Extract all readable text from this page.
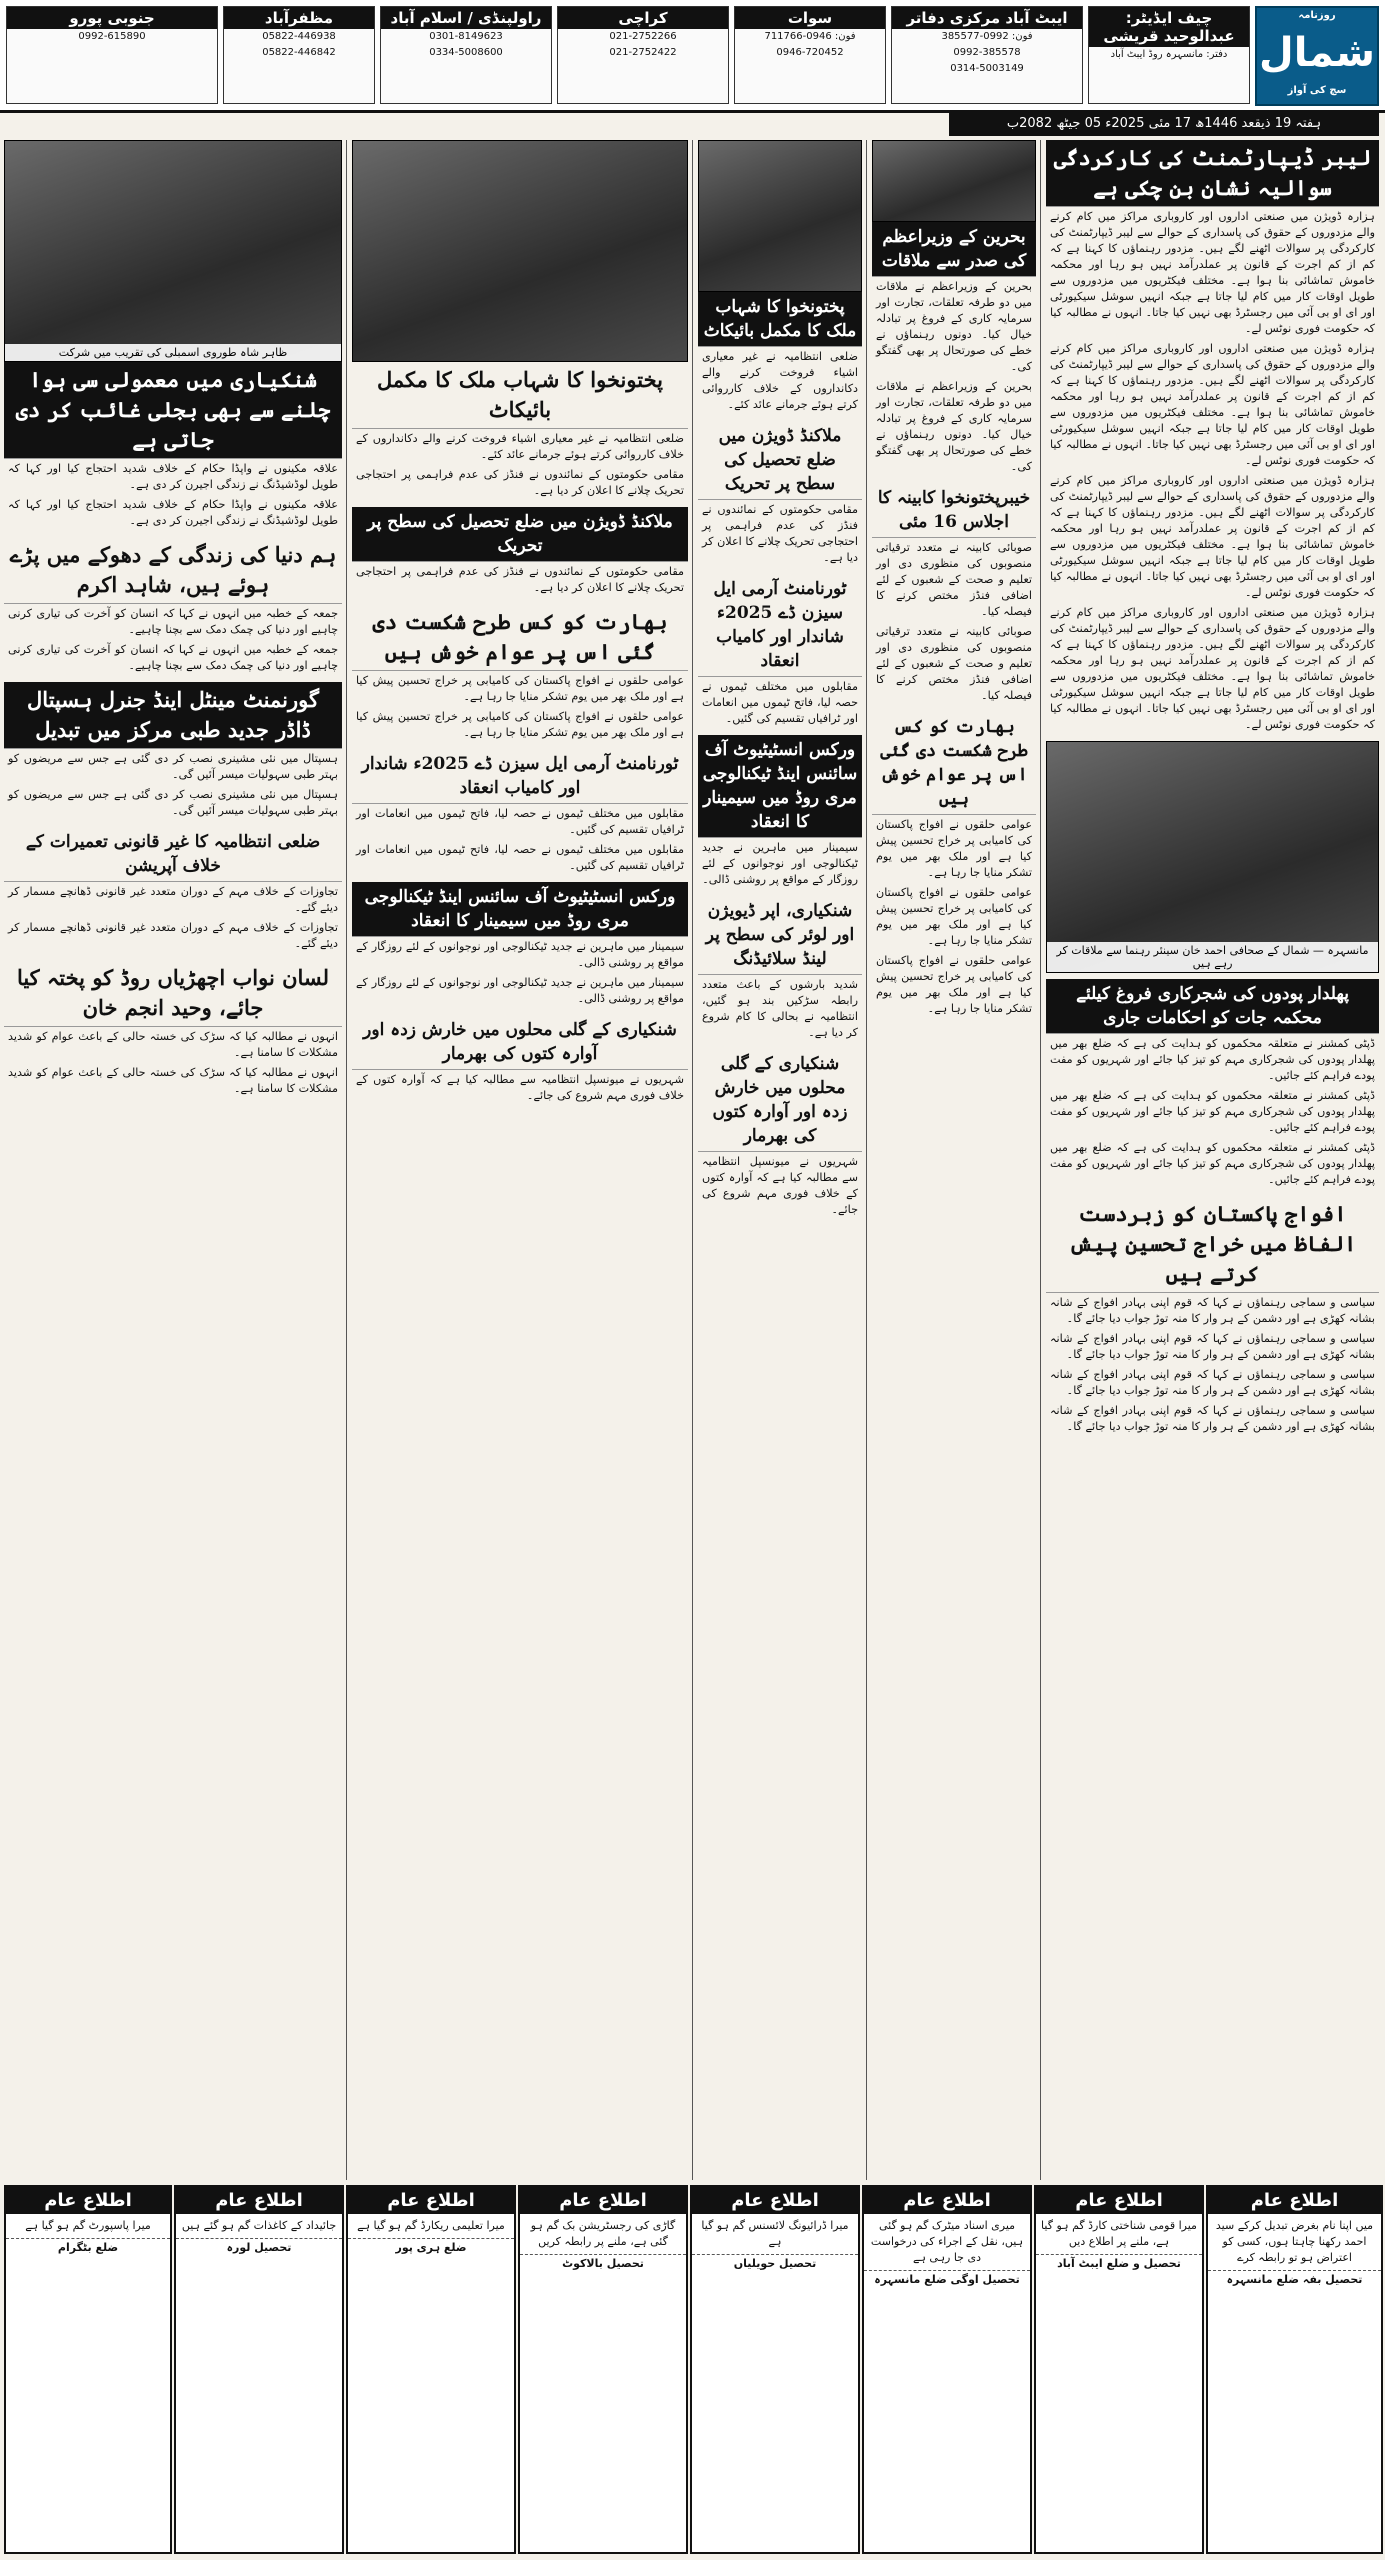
روزنامہ
شمال
سچ کی آواز
چیف ایڈیٹر: عبدالوحید قریشی
دفتر: مانسہرہ روڈ ایبٹ آباد
ایبٹ آباد مرکزی دفاتر
فون: 0992-385577
0992-385578
0314-5003149
سوات
فون: 0946-711766
0946-720452
کراچی
021-2752266
021-2752422
راولپنڈی / اسلام آباد
0301-8149623
0334-5008600
مظفرآباد
05822-446938
05822-446842
جنوبی پورو
0992-615890
ہفتہ 19 ذیقعد 1446ھ 17 مئی 2025ء 05 جیٹھ 2082ب
لیبر ڈیپارٹمنٹ کی کارکردگی سوالیہ نشان بن چکی ہے
ہزارہ ڈویژن میں صنعتی اداروں اور کاروباری مراکز میں کام کرنے والے مزدوروں کے حقوق کی پاسداری کے حوالے سے لیبر ڈیپارٹمنٹ کی کارکردگی پر سوالات اٹھنے لگے ہیں۔ مزدور رہنماؤں کا کہنا ہے کہ کم از کم اجرت کے قانون پر عملدرآمد نہیں ہو رہا اور محکمہ خاموش تماشائی بنا ہوا ہے۔ مختلف فیکٹریوں میں مزدوروں سے طویل اوقات کار میں کام لیا جاتا ہے جبکہ انہیں سوشل سیکیورٹی اور ای او بی آئی میں رجسٹرڈ بھی نہیں کیا جاتا۔ انہوں نے مطالبہ کیا کہ حکومت فوری نوٹس لے۔
ہزارہ ڈویژن میں صنعتی اداروں اور کاروباری مراکز میں کام کرنے والے مزدوروں کے حقوق کی پاسداری کے حوالے سے لیبر ڈیپارٹمنٹ کی کارکردگی پر سوالات اٹھنے لگے ہیں۔ مزدور رہنماؤں کا کہنا ہے کہ کم از کم اجرت کے قانون پر عملدرآمد نہیں ہو رہا اور محکمہ خاموش تماشائی بنا ہوا ہے۔ مختلف فیکٹریوں میں مزدوروں سے طویل اوقات کار میں کام لیا جاتا ہے جبکہ انہیں سوشل سیکیورٹی اور ای او بی آئی میں رجسٹرڈ بھی نہیں کیا جاتا۔ انہوں نے مطالبہ کیا کہ حکومت فوری نوٹس لے۔
ہزارہ ڈویژن میں صنعتی اداروں اور کاروباری مراکز میں کام کرنے والے مزدوروں کے حقوق کی پاسداری کے حوالے سے لیبر ڈیپارٹمنٹ کی کارکردگی پر سوالات اٹھنے لگے ہیں۔ مزدور رہنماؤں کا کہنا ہے کہ کم از کم اجرت کے قانون پر عملدرآمد نہیں ہو رہا اور محکمہ خاموش تماشائی بنا ہوا ہے۔ مختلف فیکٹریوں میں مزدوروں سے طویل اوقات کار میں کام لیا جاتا ہے جبکہ انہیں سوشل سیکیورٹی اور ای او بی آئی میں رجسٹرڈ بھی نہیں کیا جاتا۔ انہوں نے مطالبہ کیا کہ حکومت فوری نوٹس لے۔
ہزارہ ڈویژن میں صنعتی اداروں اور کاروباری مراکز میں کام کرنے والے مزدوروں کے حقوق کی پاسداری کے حوالے سے لیبر ڈیپارٹمنٹ کی کارکردگی پر سوالات اٹھنے لگے ہیں۔ مزدور رہنماؤں کا کہنا ہے کہ کم از کم اجرت کے قانون پر عملدرآمد نہیں ہو رہا اور محکمہ خاموش تماشائی بنا ہوا ہے۔ مختلف فیکٹریوں میں مزدوروں سے طویل اوقات کار میں کام لیا جاتا ہے جبکہ انہیں سوشل سیکیورٹی اور ای او بی آئی میں رجسٹرڈ بھی نہیں کیا جاتا۔ انہوں نے مطالبہ کیا کہ حکومت فوری نوٹس لے۔
مانسہرہ — شمال کے صحافی احمد خان سینئر رہنما سے ملاقات کر رہے ہیں
پھلدار پودوں کی شجرکاری فروغ کیلئے محکمہ جات کو احکامات جاری
ڈپٹی کمشنر نے متعلقہ محکموں کو ہدایت کی ہے کہ ضلع بھر میں پھلدار پودوں کی شجرکاری مہم کو تیز کیا جائے اور شہریوں کو مفت پودے فراہم کئے جائیں۔
ڈپٹی کمشنر نے متعلقہ محکموں کو ہدایت کی ہے کہ ضلع بھر میں پھلدار پودوں کی شجرکاری مہم کو تیز کیا جائے اور شہریوں کو مفت پودے فراہم کئے جائیں۔
ڈپٹی کمشنر نے متعلقہ محکموں کو ہدایت کی ہے کہ ضلع بھر میں پھلدار پودوں کی شجرکاری مہم کو تیز کیا جائے اور شہریوں کو مفت پودے فراہم کئے جائیں۔
افواج پاکستان کو زبردست الفاظ میں خراج تحسین پیش کرتے ہیں
سیاسی و سماجی رہنماؤں نے کہا کہ قوم اپنی بہادر افواج کے شانہ بشانہ کھڑی ہے اور دشمن کے ہر وار کا منہ توڑ جواب دیا جائے گا۔
سیاسی و سماجی رہنماؤں نے کہا کہ قوم اپنی بہادر افواج کے شانہ بشانہ کھڑی ہے اور دشمن کے ہر وار کا منہ توڑ جواب دیا جائے گا۔
سیاسی و سماجی رہنماؤں نے کہا کہ قوم اپنی بہادر افواج کے شانہ بشانہ کھڑی ہے اور دشمن کے ہر وار کا منہ توڑ جواب دیا جائے گا۔
سیاسی و سماجی رہنماؤں نے کہا کہ قوم اپنی بہادر افواج کے شانہ بشانہ کھڑی ہے اور دشمن کے ہر وار کا منہ توڑ جواب دیا جائے گا۔
بحرین کے وزیراعظم کی صدر سے ملاقات
بحرین کے وزیراعظم نے ملاقات میں دو طرفہ تعلقات، تجارت اور سرمایہ کاری کے فروغ پر تبادلہ خیال کیا۔ دونوں رہنماؤں نے خطے کی صورتحال پر بھی گفتگو کی۔
بحرین کے وزیراعظم نے ملاقات میں دو طرفہ تعلقات، تجارت اور سرمایہ کاری کے فروغ پر تبادلہ خیال کیا۔ دونوں رہنماؤں نے خطے کی صورتحال پر بھی گفتگو کی۔
خیبرپختونخوا کابینہ کا اجلاس 16 مئی
صوبائی کابینہ نے متعدد ترقیاتی منصوبوں کی منظوری دی اور تعلیم و صحت کے شعبوں کے لئے اضافی فنڈز مختص کرنے کا فیصلہ کیا۔
صوبائی کابینہ نے متعدد ترقیاتی منصوبوں کی منظوری دی اور تعلیم و صحت کے شعبوں کے لئے اضافی فنڈز مختص کرنے کا فیصلہ کیا۔
بھارت کو کس طرح شکست دی گئی اس پر عوام خوش ہیں
عوامی حلقوں نے افواج پاکستان کی کامیابی پر خراج تحسین پیش کیا ہے اور ملک بھر میں یوم تشکر منایا جا رہا ہے۔
عوامی حلقوں نے افواج پاکستان کی کامیابی پر خراج تحسین پیش کیا ہے اور ملک بھر میں یوم تشکر منایا جا رہا ہے۔
عوامی حلقوں نے افواج پاکستان کی کامیابی پر خراج تحسین پیش کیا ہے اور ملک بھر میں یوم تشکر منایا جا رہا ہے۔
پختونخوا کا شہاب ملک کا مکمل بائیکاٹ
ضلعی انتظامیہ نے غیر معیاری اشیاء فروخت کرنے والے دکانداروں کے خلاف کارروائی کرتے ہوئے جرمانے عائد کئے۔
ملاکنڈ ڈویژن میں ضلع تحصیل کی سطح پر تحریک
مقامی حکومتوں کے نمائندوں نے فنڈز کی عدم فراہمی پر احتجاجی تحریک چلانے کا اعلان کر دیا ہے۔
ٹورنامنٹ آرمی ایل سیزن ڈے 2025ء شاندار اور کامیاب انعقاد
مقابلوں میں مختلف ٹیموں نے حصہ لیا، فاتح ٹیموں میں انعامات اور ٹرافیاں تقسیم کی گئیں۔
ورکس انسٹیٹیوٹ آف سائنس اینڈ ٹیکنالوجی مری روڈ میں سیمینار کا انعقاد
سیمینار میں ماہرین نے جدید ٹیکنالوجی اور نوجوانوں کے لئے روزگار کے مواقع پر روشنی ڈالی۔
شنکیاری، اپر ڈیویژن اور لوئر کی سطح پر لینڈ سلائیڈنگ
شدید بارشوں کے باعث متعدد رابطہ سڑکیں بند ہو گئیں، انتظامیہ نے بحالی کا کام شروع کر دیا ہے۔
شنکیاری کے گلی محلوں میں خارش زدہ اور آوارہ کتوں کی بھرمار
شہریوں نے میونسپل انتظامیہ سے مطالبہ کیا ہے کہ آوارہ کتوں کے خلاف فوری مہم شروع کی جائے۔
پختونخوا کا شہاب ملک کا مکمل بائیکاٹ
ضلعی انتظامیہ نے غیر معیاری اشیاء فروخت کرنے والے دکانداروں کے خلاف کارروائی کرتے ہوئے جرمانے عائد کئے۔
مقامی حکومتوں کے نمائندوں نے فنڈز کی عدم فراہمی پر احتجاجی تحریک چلانے کا اعلان کر دیا ہے۔
ملاکنڈ ڈویژن میں ضلع تحصیل کی سطح پر تحریک
مقامی حکومتوں کے نمائندوں نے فنڈز کی عدم فراہمی پر احتجاجی تحریک چلانے کا اعلان کر دیا ہے۔
بھارت کو کس طرح شکست دی گئی اس پر عوام خوش ہیں
عوامی حلقوں نے افواج پاکستان کی کامیابی پر خراج تحسین پیش کیا ہے اور ملک بھر میں یوم تشکر منایا جا رہا ہے۔
عوامی حلقوں نے افواج پاکستان کی کامیابی پر خراج تحسین پیش کیا ہے اور ملک بھر میں یوم تشکر منایا جا رہا ہے۔
ٹورنامنٹ آرمی ایل سیزن ڈے 2025ء شاندار اور کامیاب انعقاد
مقابلوں میں مختلف ٹیموں نے حصہ لیا، فاتح ٹیموں میں انعامات اور ٹرافیاں تقسیم کی گئیں۔
مقابلوں میں مختلف ٹیموں نے حصہ لیا، فاتح ٹیموں میں انعامات اور ٹرافیاں تقسیم کی گئیں۔
ورکس انسٹیٹیوٹ آف سائنس اینڈ ٹیکنالوجی مری روڈ میں سیمینار کا انعقاد
سیمینار میں ماہرین نے جدید ٹیکنالوجی اور نوجوانوں کے لئے روزگار کے مواقع پر روشنی ڈالی۔
سیمینار میں ماہرین نے جدید ٹیکنالوجی اور نوجوانوں کے لئے روزگار کے مواقع پر روشنی ڈالی۔
شنکیاری کے گلی محلوں میں خارش زدہ اور آوارہ کتوں کی بھرمار
شہریوں نے میونسپل انتظامیہ سے مطالبہ کیا ہے کہ آوارہ کتوں کے خلاف فوری مہم شروع کی جائے۔
ظاہر شاہ طوروی اسمبلی کی تقریب میں شرکت
شنکیاری میں معمولی سی ہوا چلنے سے بھی بجلی غائب کر دی جاتی ہے
علاقہ مکینوں نے واپڈا حکام کے خلاف شدید احتجاج کیا اور کہا کہ طویل لوڈشیڈنگ نے زندگی اجیرن کر دی ہے۔
علاقہ مکینوں نے واپڈا حکام کے خلاف شدید احتجاج کیا اور کہا کہ طویل لوڈشیڈنگ نے زندگی اجیرن کر دی ہے۔
ہم دنیا کی زندگی کے دھوکے میں پڑے ہوئے ہیں، شاہد اکرم
جمعہ کے خطبہ میں انہوں نے کہا کہ انسان کو آخرت کی تیاری کرنی چاہیے اور دنیا کی چمک دمک سے بچنا چاہیے۔
جمعہ کے خطبہ میں انہوں نے کہا کہ انسان کو آخرت کی تیاری کرنی چاہیے اور دنیا کی چمک دمک سے بچنا چاہیے۔
گورنمنٹ مینٹل اینڈ جنرل ہسپتال ڈاڈر جدید طبی مرکز میں تبدیل
ہسپتال میں نئی مشینری نصب کر دی گئی ہے جس سے مریضوں کو بہتر طبی سہولیات میسر آئیں گی۔
ہسپتال میں نئی مشینری نصب کر دی گئی ہے جس سے مریضوں کو بہتر طبی سہولیات میسر آئیں گی۔
ضلعی انتظامیہ کا غیر قانونی تعمیرات کے خلاف آپریشن
تجاوزات کے خلاف مہم کے دوران متعدد غیر قانونی ڈھانچے مسمار کر دیئے گئے۔
تجاوزات کے خلاف مہم کے دوران متعدد غیر قانونی ڈھانچے مسمار کر دیئے گئے۔
لسان نواب اچھڑیاں روڈ کو پختہ کیا جائے، وحید انجم خان
انہوں نے مطالبہ کیا کہ سڑک کی خستہ حالی کے باعث عوام کو شدید مشکلات کا سامنا ہے۔
انہوں نے مطالبہ کیا کہ سڑک کی خستہ حالی کے باعث عوام کو شدید مشکلات کا سامنا ہے۔
اطلاع عام
میں اپنا نام بغرض تبدیل کرکے سید احمد رکھنا چاہتا ہوں، کسی کو اعتراض ہو تو رابطہ کرے
تحصیل بفہ ضلع مانسہرہ
اطلاع عام
میرا قومی شناختی کارڈ گم ہو گیا ہے، ملنے پر اطلاع دیں
تحصیل و ضلع ایبٹ آباد
اطلاع عام
میری اسناد میٹرک گم ہو گئی ہیں، نقل کے اجراء کی درخواست دی جا رہی ہے
تحصیل اوگی ضلع مانسہرہ
اطلاع عام
میرا ڈرائیونگ لائسنس گم ہو گیا ہے
تحصیل حویلیاں
اطلاع عام
گاڑی کی رجسٹریشن بک گم ہو گئی ہے، ملنے پر رابطہ کریں
تحصیل بالاکوٹ
اطلاع عام
میرا تعلیمی ریکارڈ گم ہو گیا ہے
ضلع ہری پور
اطلاع عام
جائیداد کے کاغذات گم ہو گئے ہیں
تحصیل لورہ
اطلاع عام
میرا پاسپورٹ گم ہو گیا ہے
ضلع بٹگرام
